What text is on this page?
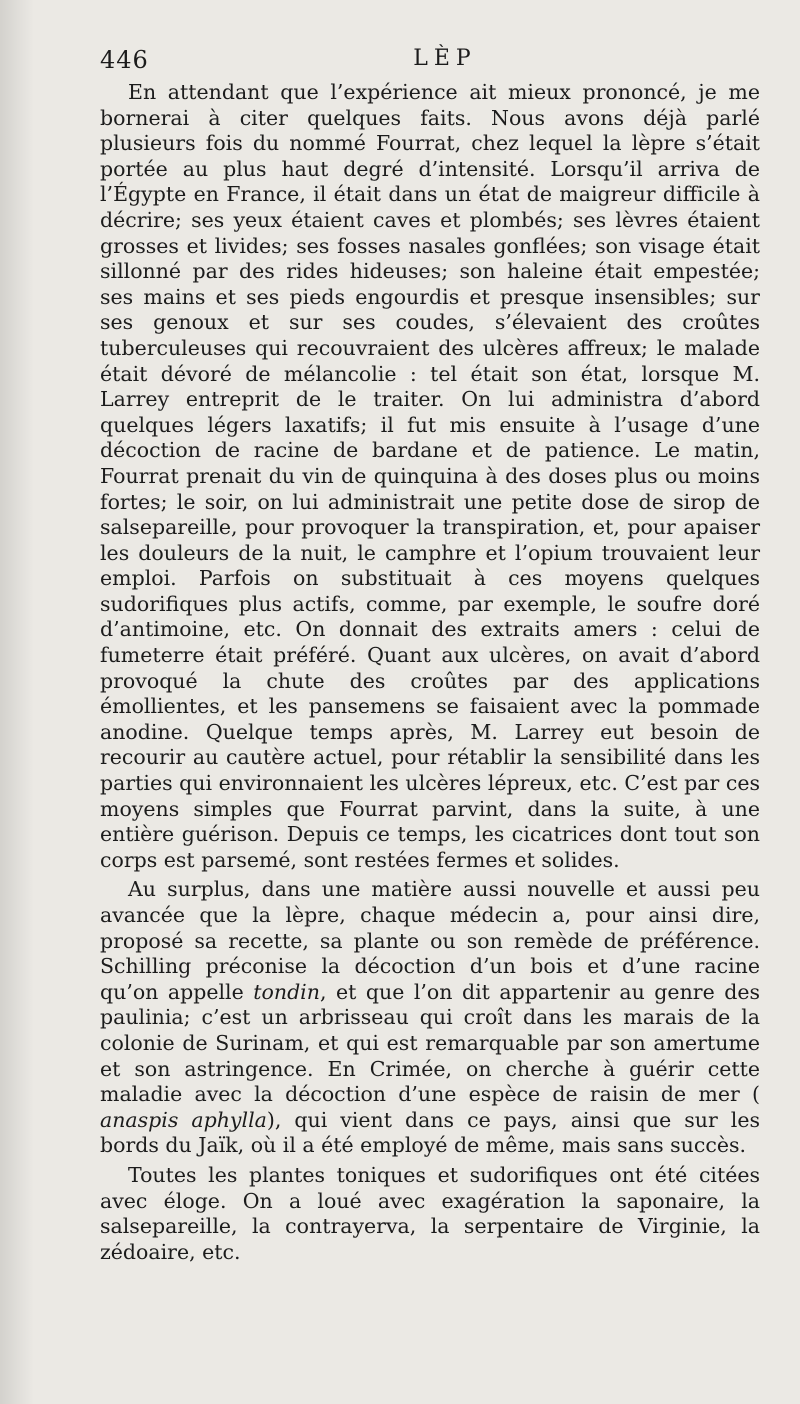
446	LÈP

En attendant que l’expérience ait mieux prononcé, je me bornerai à citer quelques faits. Nous avons déjà parlé plusieurs fois du nommé Fourrat, chez lequel la lèpre s’était portée au plus haut degré d’intensité. Lorsqu’il arriva de l’Égypte en France, il était dans un état de maigreur difficile à décrire; ses yeux étaient caves et plombés; ses lèvres étaient grosses et livides; ses fosses nasales gonflées; son visage était sillonné par des rides hideuses; son haleine était empestée; ses mains et ses pieds engourdis et presque insensibles; sur ses genoux et sur ses coudes, s’élevaient des croûtes tuberculeuses qui recouvraient des ulcères affreux; le malade était dévoré de mélancolie : tel était son état, lorsque M. Larrey entreprit de le traiter. On lui administra d’abord quelques légers laxatifs; il fut mis ensuite à l’usage d’une décoction de racine de bardane et de patience. Le matin, Fourrat prenait du vin de quinquina à des doses plus ou moins fortes; le soir, on lui administrait une petite dose de sirop de salsepareille, pour provoquer la transpiration, et, pour apaiser les douleurs de la nuit, le camphre et l’opium trouvaient leur emploi. Parfois on substituait à ces moyens quelques sudorifiques plus actifs, comme, par exemple, le soufre doré d’antimoine, etc. On donnait des extraits amers : celui de fumeterre était préféré. Quant aux ulcères, on avait d’abord provoqué la chute des croûtes par des applications émollientes, et les pansemens se faisaient avec la pommade anodine. Quelque temps après, M. Larrey eut besoin de recourir au cautère actuel, pour rétablir la sensibilité dans les parties qui environnaient les ulcères lépreux, etc. C’est par ces moyens simples que Fourrat parvint, dans la suite, à une entière guérison. Depuis ce temps, les cicatrices dont tout son corps est parsemé, sont restées fermes et solides.

Au surplus, dans une matière aussi nouvelle et aussi peu avancée que la lèpre, chaque médecin a, pour ainsi dire, proposé sa recette, sa plante ou son remède de préférence. Schilling préconise la décoction d’un bois et d’une racine qu’on appelle tondin, et que l’on dit appartenir au genre des paulinia; c’est un arbrisseau qui croît dans les marais de la colonie de Surinam, et qui est remarquable par son amertume et son astringence. En Crimée, on cherche à guérir cette maladie avec la décoction d’une espèce de raisin de mer ( anaspis aphylla), qui vient dans ce pays, ainsi que sur les bords du Jaïk, où il a été employé de même, mais sans succès.

Toutes les plantes toniques et sudorifiques ont été citées avec éloge. On a loué avec exagération la saponaire, la salsepareille, la contrayerva, la serpentaire de Virginie, la zédoaire, etc.
